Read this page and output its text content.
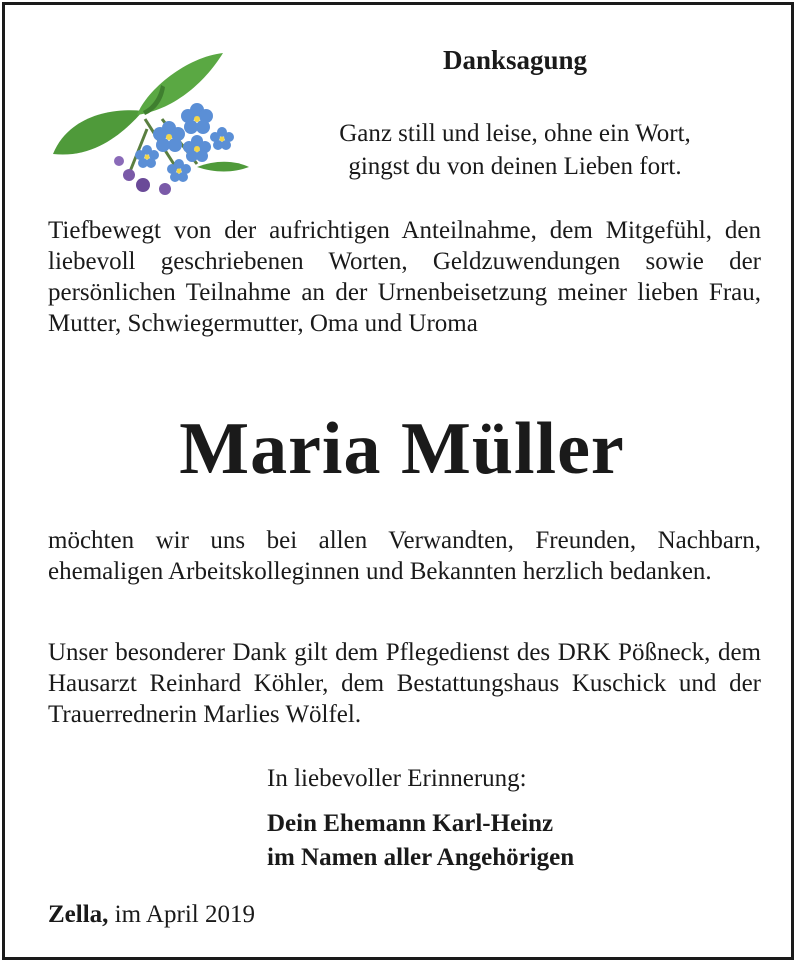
Danksagung
Ganz still und leise, ohne ein Wort,
gingst du von deinen Lieben fort.
Tiefbewegt von der aufrichtigen Anteilnahme, dem Mitgefühl, den liebevoll geschriebenen Worten, Geldzuwendungen sowie der persönlichen Teilnahme an der Urnenbeisetzung meiner lieben Frau, Mutter, Schwiegermutter, Oma und Uroma
Maria Müller
möchten wir uns bei allen Verwandten, Freunden, Nachbarn, ehemaligen Arbeitskolleginnen und Bekannten herzlich bedanken.
Unser besonderer Dank gilt dem Pflegedienst des DRK Pößneck, dem Hausarzt Reinhard Köhler, dem Bestattungshaus Kuschick und der Trauerrednerin Marlies Wölfel.
In liebevoller Erinnerung:
Dein Ehemann Karl-Heinz
im Namen aller Angehörigen
Zella, im April 2019
